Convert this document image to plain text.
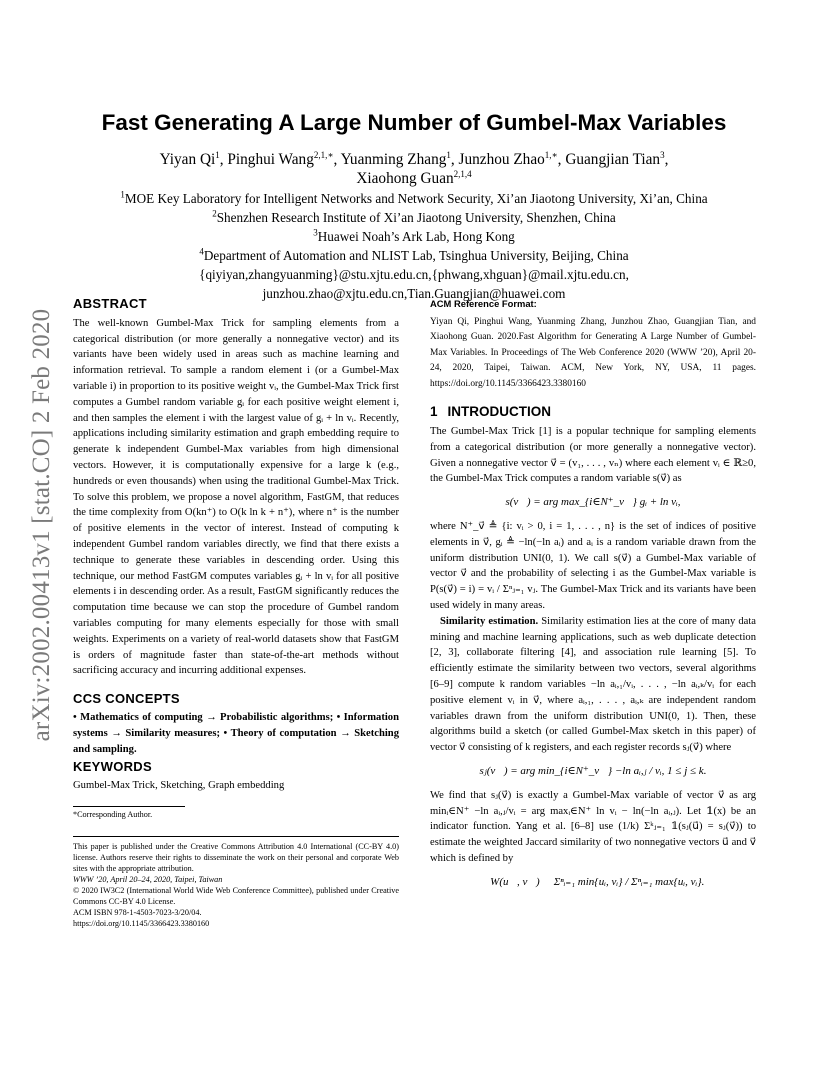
arXiv:2002.00413v1 [stat.CO] 2 Feb 2020
Fast Generating A Large Number of Gumbel-Max Variables
Yiyan Qi$^1$, Pinghui Wang$^{2,1,∗}$, Yuanming Zhang$^1$, Junzhou Zhao$^{1,∗}$, Guangjian Tian$^3$,
Xiaohong Guan$^{2,1,4}$
$^1$MOE Key Laboratory for Intelligent Networks and Network Security, Xi’an Jiaotong University, Xi’an, China
$^2$Shenzhen Research Institute of Xi’an Jiaotong University, Shenzhen, China
$^3$Huawei Noah’s Ark Lab, Hong Kong
$^4$Department of Automation and NLIST Lab, Tsinghua University, Beijing, China
{qiyiyan,zhangyuanming}@stu.xjtu.edu.cn,{phwang,xhguan}@mail.xjtu.edu.cn,
junzhou.zhao@xjtu.edu.cn,Tian.Guangjian@huawei.com
ABSTRACT

The well-known Gumbel-Max Trick for sampling elements from a categorical distribution (or more generally a nonnegative vector) and its variants have been widely used in areas such as machine learning and information retrieval. To sample a random element i (or a Gumbel-Max variable i) in proportion to its positive weight vᵢ, the Gumbel-Max Trick first computes a Gumbel random variable gᵢ for each positive weight element i, and then samples the element i with the largest value of gᵢ + ln vᵢ. Recently, applications including similarity estimation and graph embedding require to generate k independent Gumbel-Max variables from high dimensional vectors. However, it is computationally expensive for a large k (e.g., hundreds or even thousands) when using the traditional Gumbel-Max Trick. To solve this problem, we propose a novel algorithm, FastGM, that reduces the time complexity from O(kn⁺) to O(k ln k + n⁺), where n⁺ is the number of positive elements in the vector of interest. Instead of computing k independent Gumbel random variables directly, we find that there exists a technique to generate these variables in descending order. Using this technique, our method FastGM computes variables gᵢ + ln vᵢ for all positive elements i in descending order. As a result, FastGM significantly reduces the computation time because we can stop the procedure of Gumbel random variables computing for many elements especially for those with small weights. Experiments on a variety of real-world datasets show that FastGM is orders of magnitude faster than state-of-the-art methods without sacrificing accuracy and incurring additional expenses.

CCS CONCEPTS

• Mathematics of computing → Probabilistic algorithms; • Information systems → Similarity measures; • Theory of computation → Sketching and sampling.

KEYWORDS

Gumbel-Max Trick, Sketching, Graph embedding

*Corresponding Author.

This paper is published under the Creative Commons Attribution 4.0 International (CC-BY 4.0) license. Authors reserve their rights to disseminate the work on their personal and corporate Web sites with the appropriate attribution.
WWW ’20, April 20–24, 2020, Taipei, Taiwan
© 2020 IW3C2 (International World Wide Web Conference Committee), published under Creative Commons CC-BY 4.0 License.
ACM ISBN 978-1-4503-7023-3/20/04.
https://doi.org/10.1145/3366423.3380160
ACM Reference Format:

Yiyan Qi, Pinghui Wang, Yuanming Zhang, Junzhou Zhao, Guangjian Tian, and Xiaohong Guan. 2020.Fast Algorithm for Generating A Large Number of Gumbel-Max Variables. In Proceedings of The Web Conference 2020 (WWW ’20), April 20-24, 2020, Taipei, Taiwan. ACM, New York, NY, USA, 11 pages. https://doi.org/10.1145/3366423.3380160

1 INTRODUCTION

The Gumbel-Max Trick [1] is a popular technique for sampling elements from a categorical distribution (or more generally a nonnegative vector). Given a nonnegative vector v⃗ = (v₁, . . . , vₙ) where each element vᵢ ∈ ℝ≥0, the Gumbel-Max Trick computes a random variable s(v⃗) as

s(v⃗) = arg max_{i∈N⁺_v⃗} gᵢ + ln vᵢ,

where N⁺_v⃗ ≜ {i: vᵢ > 0, i = 1, . . . , n} is the set of indices of positive elements in v⃗, gᵢ ≜ −ln(−ln aᵢ) and aᵢ is a random variable drawn from the uniform distribution UNI(0, 1). We call s(v⃗) a Gumbel-Max variable of vector v⃗ and the probability of selecting i as the Gumbel-Max variable is P(s(v⃗) = i) = vᵢ / Σⁿⱼ₌₁ vⱼ. The Gumbel-Max Trick and its variants have been used widely in many areas.

Similarity estimation. Similarity estimation lies at the core of many data mining and machine learning applications, such as web duplicate detection [2, 3], collaborate filtering [4], and association rule learning [5]. To efficiently estimate the similarity between two vectors, several algorithms [6–9] compute k random variables −ln aᵢ,₁/vᵢ, . . . , −ln aᵢ,ₖ/vᵢ for each positive element vᵢ in v⃗, where aᵢ,₁, . . . , aᵢ,ₖ are independent random variables drawn from the uniform distribution UNI(0, 1). Then, these algorithms build a sketch (or called Gumbel-Max sketch in this paper) of vector v⃗ consisting of k registers, and each register records sⱼ(v⃗) where

sⱼ(v⃗) = arg min_{i∈N⁺_v⃗} −ln aᵢ,ⱼ / vᵢ, 1 ≤ j ≤ k.

We find that sⱼ(v⃗) is exactly a Gumbel-Max variable of vector v⃗ as arg minᵢ∈N⁺ −ln aᵢ,ⱼ/vᵢ = arg maxᵢ∈N⁺ ln vᵢ − ln(−ln aᵢ,ⱼ). Let 𝟙(x) be an indicator function. Yang et al. [6–8] use (1/k) Σᵏⱼ₌₁ 𝟙(sⱼ(u⃗) = sⱼ(v⃗)) to estimate the weighted Jaccard similarity of two nonnegative vectors u⃗ and v⃗ which is defined by

𝒥W(u⃗, v⃗) ≜ Σⁿᵢ₌₁ min{uᵢ, vᵢ} / Σⁿᵢ₌₁ max{uᵢ, vᵢ}.
